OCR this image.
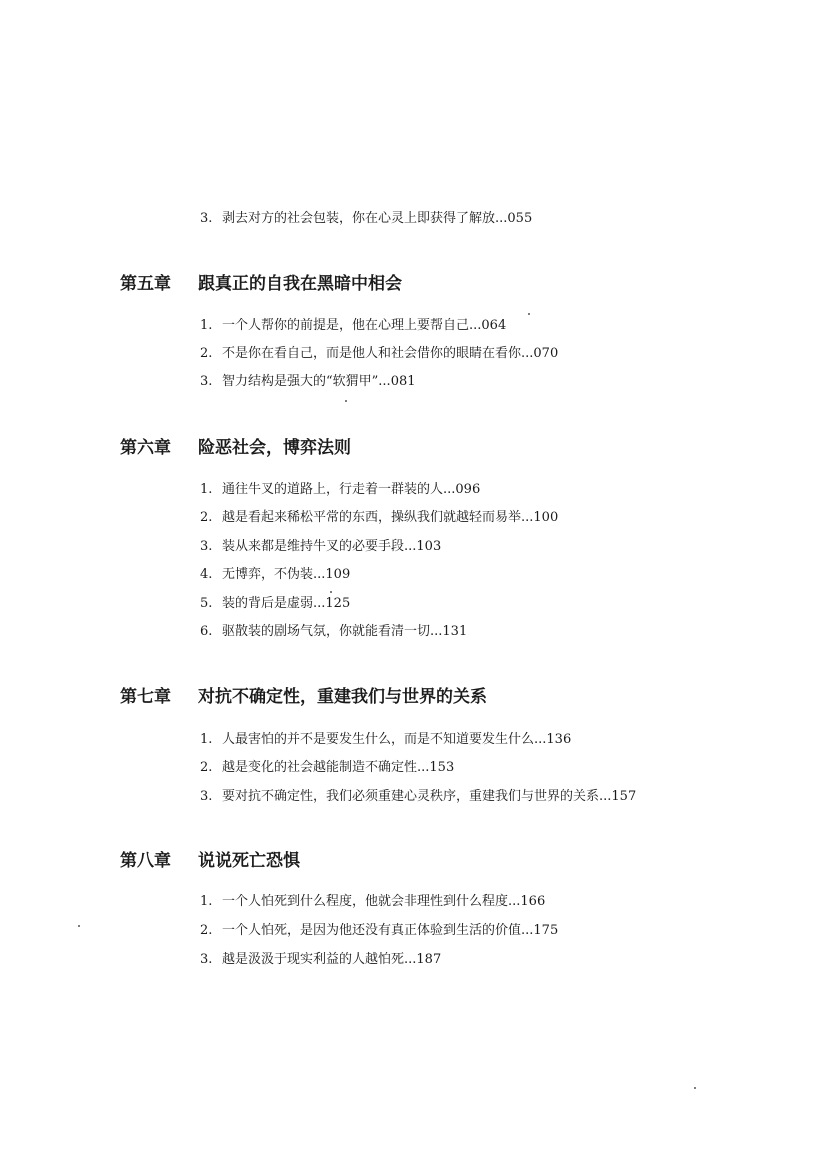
3. 剥去对方的社会包装，你在心灵上即获得了解放...055
第五章 跟真正的自我在黑暗中相会
1. 一个人帮你的前提是，他在心理上要帮自己...064
2. 不是你在看自己，而是他人和社会借你的眼睛在看你...070
3. 智力结构是强大的“软猬甲”...081
第六章 险恶社会，博弈法则
1. 通往牛叉的道路上，行走着一群装的人...096
2. 越是看起来稀松平常的东西，操纵我们就越轻而易举...100
3. 装从来都是维持牛叉的必要手段...103
4. 无博弈，不伪装...109
5. 装的背后是虚弱...125
6. 驱散装的剧场气氛，你就能看清一切...131
第七章 对抗不确定性，重建我们与世界的关系
1. 人最害怕的并不是要发生什么，而是不知道要发生什么...136
2. 越是变化的社会越能制造不确定性...153
3. 要对抗不确定性，我们必须重建心灵秩序，重建我们与世界的关系...157
第八章 说说死亡恐惧
1. 一个人怕死到什么程度，他就会非理性到什么程度...166
2. 一个人怕死，是因为他还没有真正体验到生活的价值...175
3. 越是汲汲于现实利益的人越怕死...187
